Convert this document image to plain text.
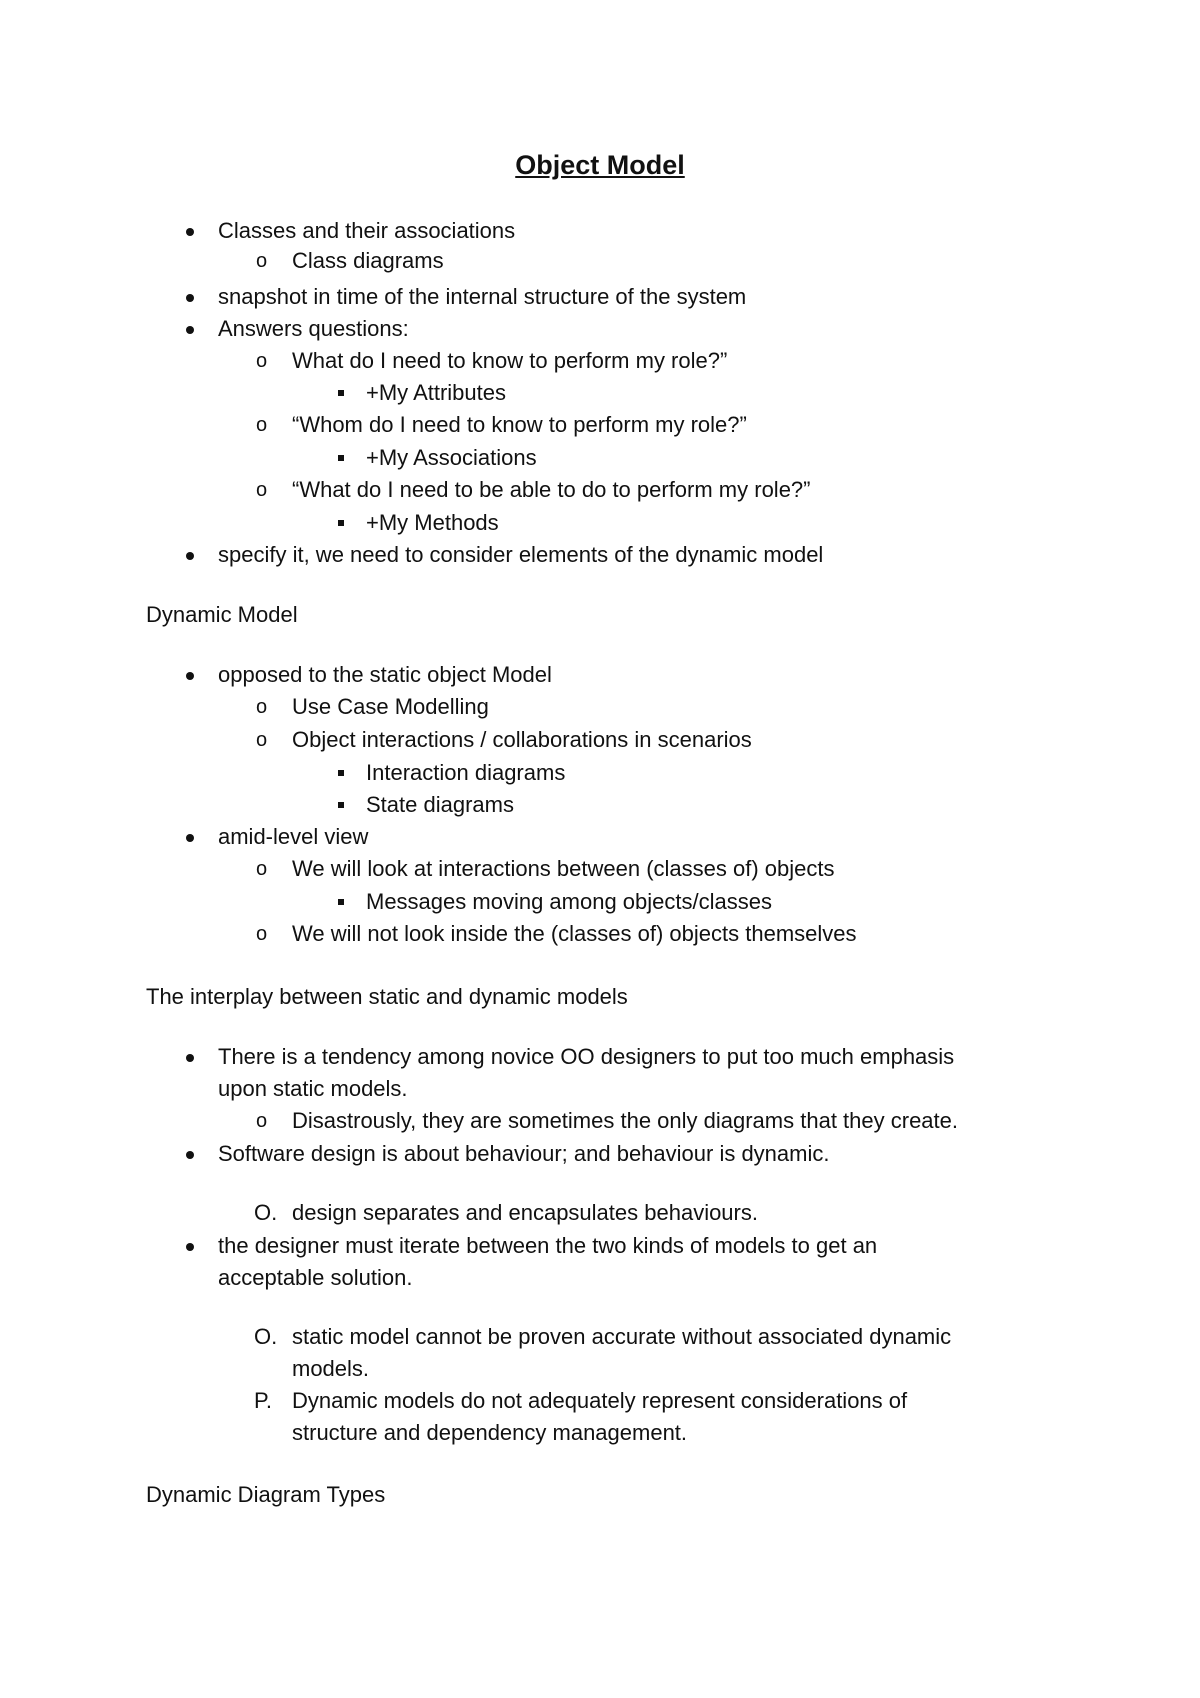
Object Model
Classes and their associations
o Class diagrams
snapshot in time of the internal structure of the system
Answers questions:
o What do I need to know to perform my role?”
+My Attributes
o “Whom do I need to know to perform my role?”
+My Associations
o “What do I need to be able to do to perform my role?”
+My Methods
specify it, we need to consider elements of the dynamic model
Dynamic Model
opposed to the static object Model
o Use Case Modelling
o Object interactions / collaborations in scenarios
Interaction diagrams
State diagrams
amid-level view
o We will look at interactions between (classes of) objects
Messages moving among objects/classes
o We will not look inside the (classes of) objects themselves
The interplay between static and dynamic models
There is a tendency among novice OO designers to put too much emphasis
upon static models.
o Disastrously, they are sometimes the only diagrams that they create.
Software design is about behaviour; and behaviour is dynamic.
O. design separates and encapsulates behaviours.
the designer must iterate between the two kinds of models to get an
acceptable solution.
O. static model cannot be proven accurate without associated dynamic
models.
P. Dynamic models do not adequately represent considerations of
structure and dependency management.
Dynamic Diagram Types
